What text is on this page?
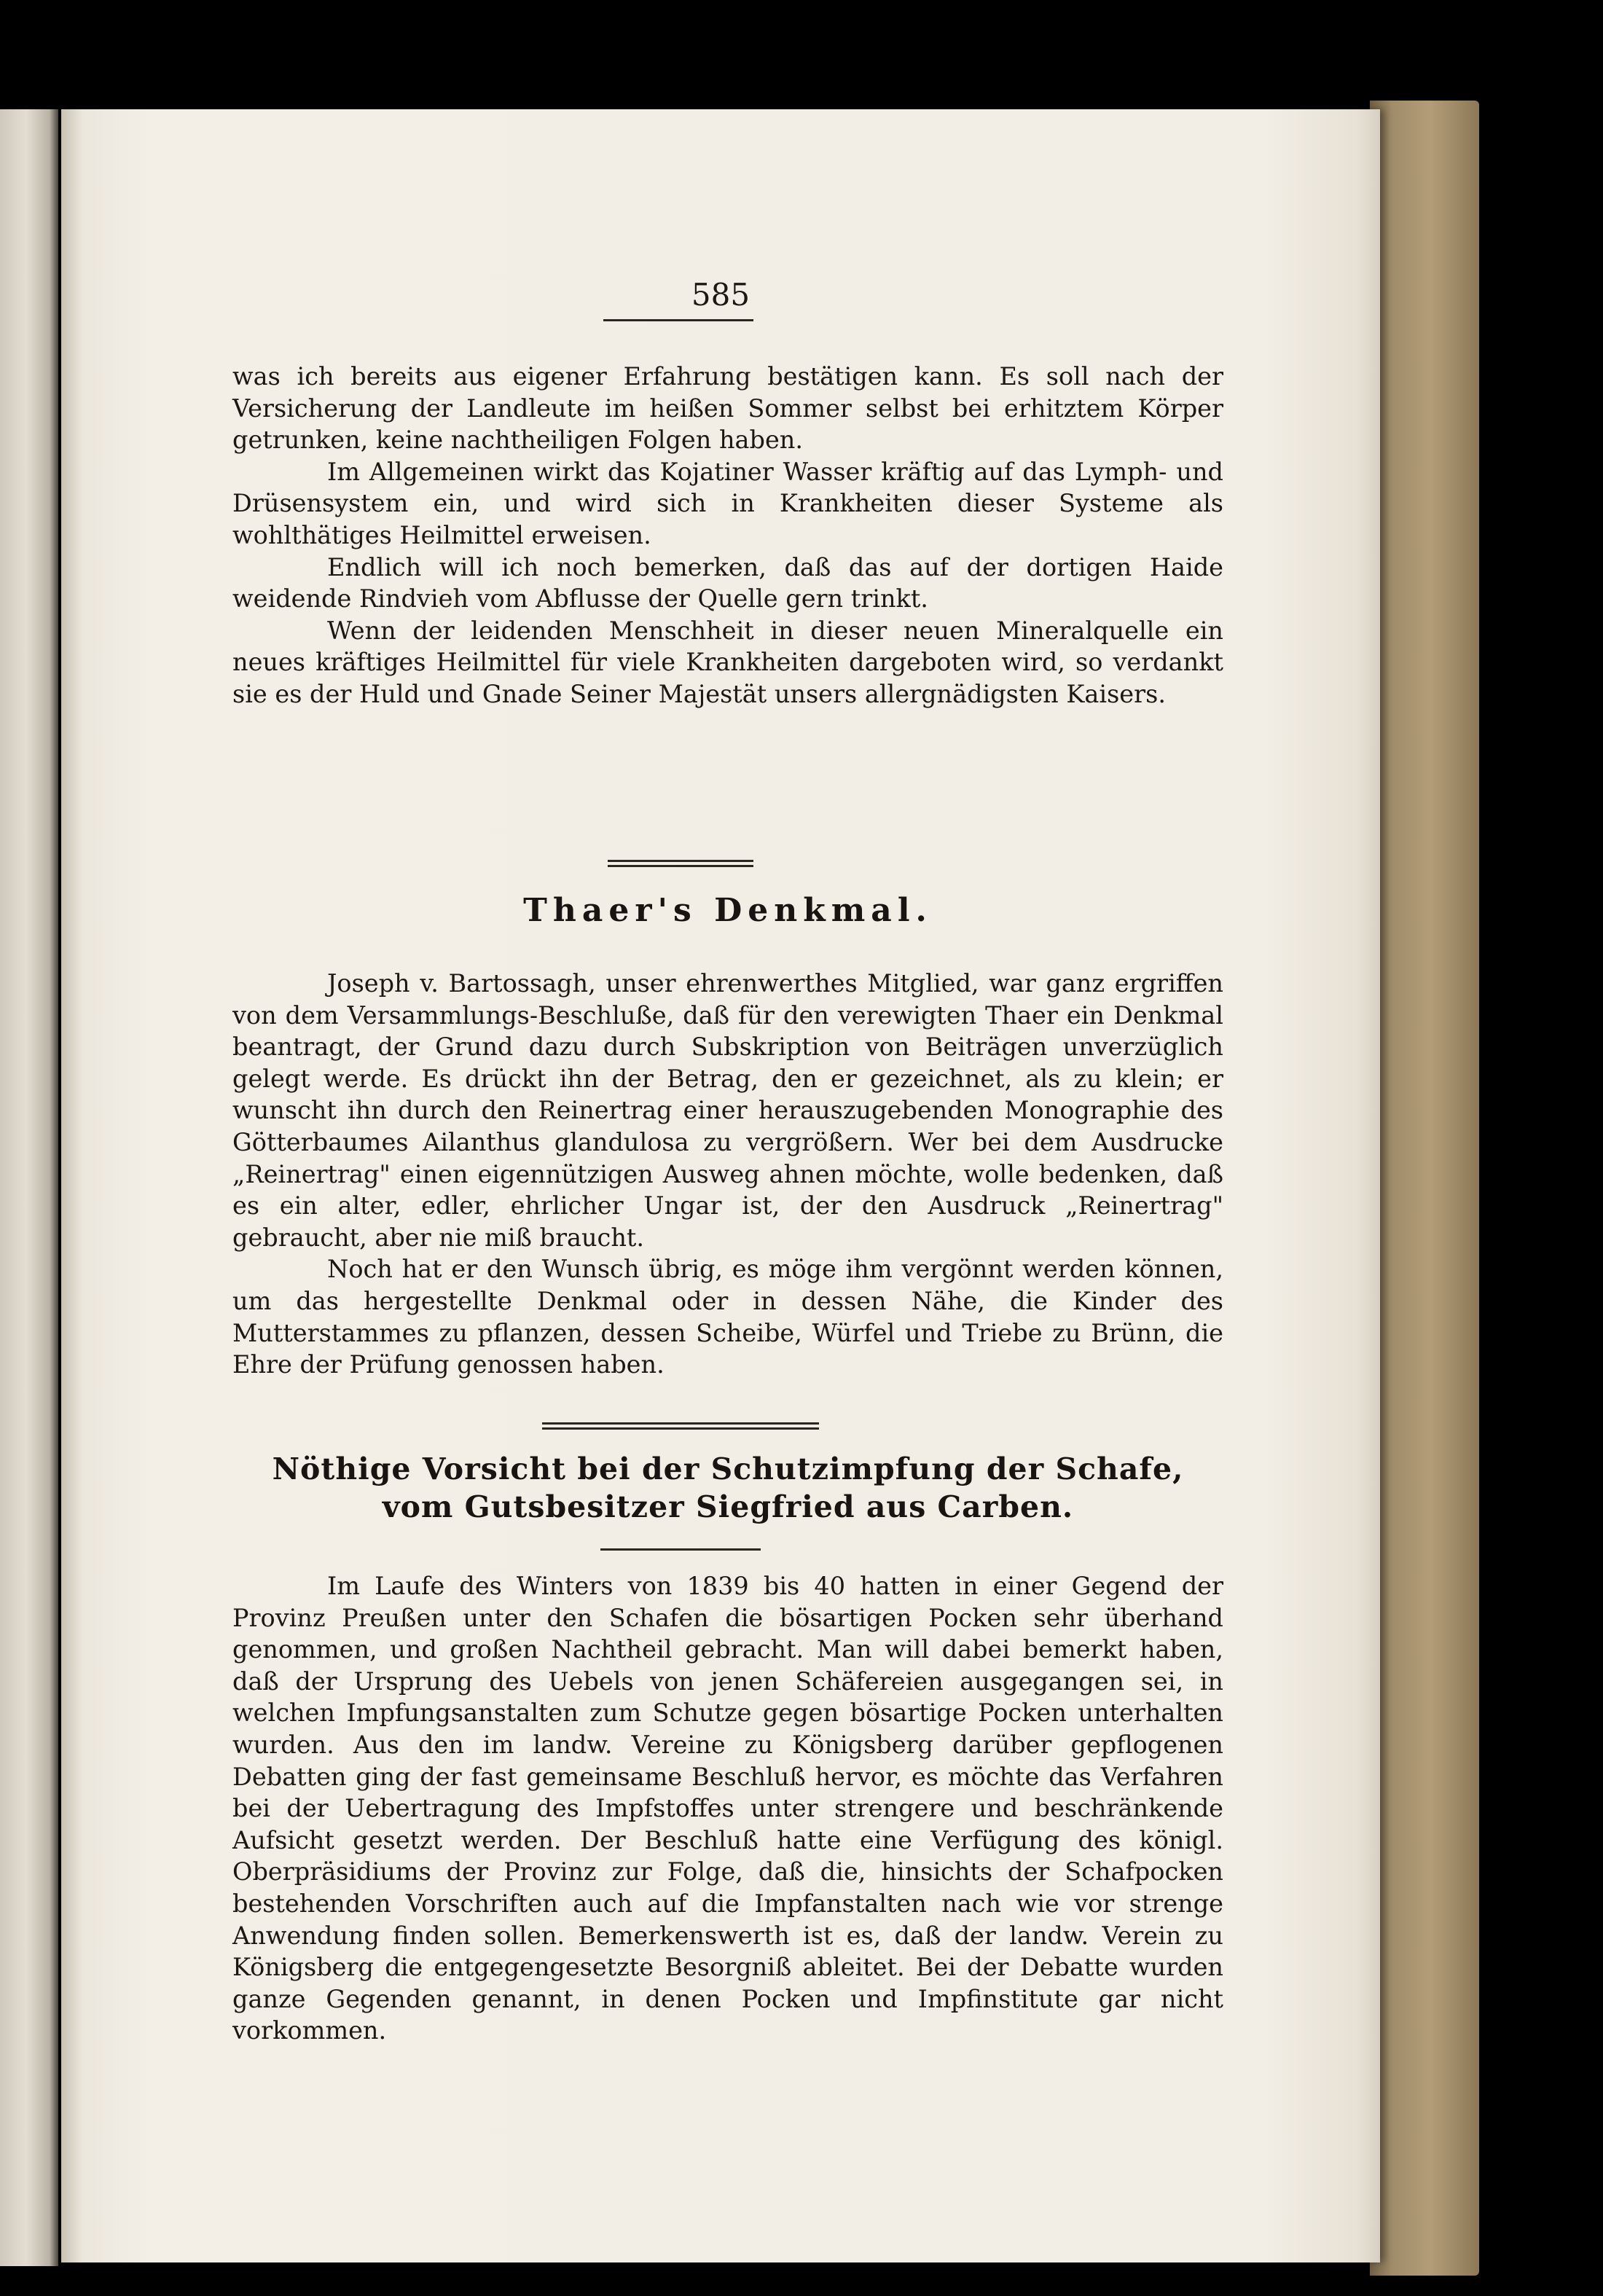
585

was ich bereits aus eigener Erfahrung bestätigen kann. Es soll nach der Versicherung der Landleute im heißen Sommer selbst bei erhitztem Körper getrunken, keine nachtheiligen Folgen haben.

Im Allgemeinen wirkt das Kojatiner Wasser kräftig auf das Lymph- und Drüsensystem ein, und wird sich in Krankheiten dieser Systeme als wohlthätiges Heilmittel erweisen.

Endlich will ich noch bemerken, daß das auf der dortigen Haide weidende Rindvieh vom Abflusse der Quelle gern trinkt.

Wenn der leidenden Menschheit in dieser neuen Mineralquelle ein neues kräftiges Heilmittel für viele Krankheiten dargeboten wird, so verdankt sie es der Huld und Gnade Seiner Majestät unsers allergnädigsten Kaisers.

Thaer's Denkmal.

Joseph v. Bartossagh, unser ehrenwerthes Mitglied, war ganz ergriffen von dem Versammlungs-Beschluße, daß für den verewigten Thaer ein Denkmal beantragt, der Grund dazu durch Subskription von Beiträgen unverzüglich gelegt werde. Es drückt ihn der Betrag, den er gezeichnet, als zu klein; er wunscht ihn durch den Reinertrag einer herauszugebenden Monographie des Götterbaumes Ailanthus glandulosa zu vergrößern. Wer bei dem Ausdrucke „Reinertrag" einen eigennützigen Ausweg ahnen möchte, wolle bedenken, daß es ein alter, edler, ehrlicher Ungar ist, der den Ausdruck „Reinertrag" gebraucht, aber nie miß braucht.

Noch hat er den Wunsch übrig, es möge ihm vergönnt werden können, um das hergestellte Denkmal oder in dessen Nähe, die Kinder des Mutterstammes zu pflanzen, dessen Scheibe, Würfel und Triebe zu Brünn, die Ehre der Prüfung genossen haben.

Nöthige Vorsicht bei der Schutzimpfung der Schafe, vom Gutsbesitzer Siegfried aus Carben.

Im Laufe des Winters von 1839 bis 40 hatten in einer Gegend der Provinz Preußen unter den Schafen die bösartigen Pocken sehr überhand genommen, und großen Nachtheil gebracht. Man will dabei bemerkt haben, daß der Ursprung des Uebels von jenen Schäfereien ausgegangen sei, in welchen Impfungsanstalten zum Schutze gegen bösartige Pocken unterhalten wurden. Aus den im landw. Vereine zu Königsberg darüber gepflogenen Debatten ging der fast gemeinsame Beschluß hervor, es möchte das Verfahren bei der Uebertragung des Impfstoffes unter strengere und beschränkende Aufsicht gesetzt werden. Der Beschluß hatte eine Verfügung des königl. Oberpräsidiums der Provinz zur Folge, daß die, hinsichts der Schafpocken bestehenden Vorschriften auch auf die Impfanstalten nach wie vor strenge Anwendung finden sollen. Bemerkenswerth ist es, daß der landw. Verein zu Königsberg die entgegengesetzte Besorgniß ableitet. Bei der Debatte wurden ganze Gegenden genannt, in denen Pocken und Impfinstitute gar nicht vorkommen.
